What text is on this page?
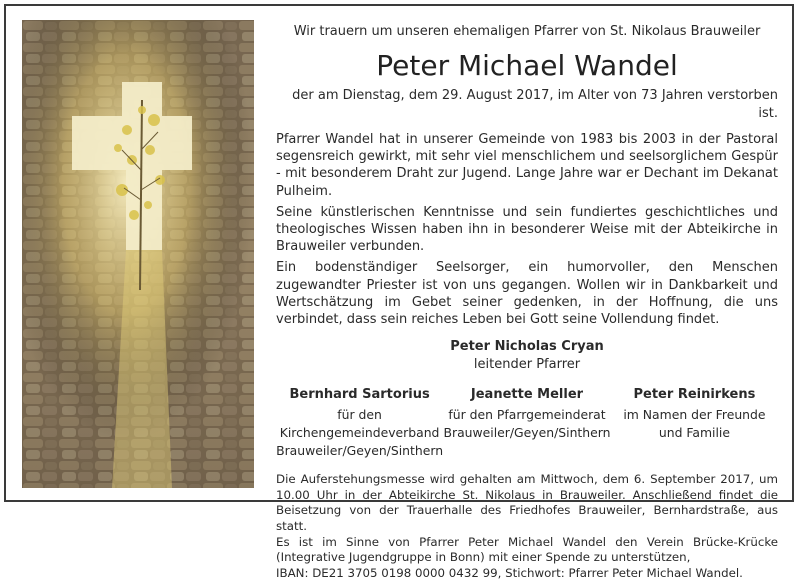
Wir trauern um unseren ehemaligen Pfarrer von St. Nikolaus Brauweiler
Peter Michael Wandel
der am Dienstag, dem 29. August 2017, im Alter von 73 Jahren verstorben ist.

Pfarrer Wandel hat in unserer Gemeinde von 1983 bis 2003 in der Pastoral segensreich gewirkt, mit sehr viel menschlichem und seelsorglichem Gespür - mit besonderem Draht zur Jugend. Lange Jahre war er Dechant im Dekanat Pulheim.

Seine künstlerischen Kenntnisse und sein fundiertes geschichtliches und theologisches Wissen haben ihn in besonderer Weise mit der Abteikirche in Brauweiler verbunden.

Ein bodenständiger Seelsorger, ein humorvoller, den Menschen zugewandter Priester ist von uns gegangen. Wollen wir in Dankbarkeit und Wertschätzung im Gebet seiner gedenken, in der Hoffnung, die uns verbindet, dass sein reiches Leben bei Gott seine Vollendung findet.

Peter Nicholas Cryan
leitender Pfarrer
Bernhard Sartorius
für den Kirchengemeindeverband
Brauweiler/Geyen/Sinthern
Jeanette Meller
für den Pfarrgemeinderat
Brauweiler/Geyen/Sinthern
Peter Reinirkens
im Namen der Freunde
und Familie

Die Auferstehungsmesse wird gehalten am Mittwoch, dem 6. September 2017, um 10.00 Uhr in der Abteikirche St. Nikolaus in Brauweiler. Anschließend findet die Beisetzung von der Trauerhalle des Friedhofes Brauweiler, Bernhardstraße, aus statt.

Es ist im Sinne von Pfarrer Peter Michael Wandel den Verein Brücke-Krücke (Integrative Jugendgruppe in Bonn) mit einer Spende zu unterstützen,

IBAN: DE21 3705 0198 0000 0432 99, Stichwort: Pfarrer Peter Michael Wandel.
